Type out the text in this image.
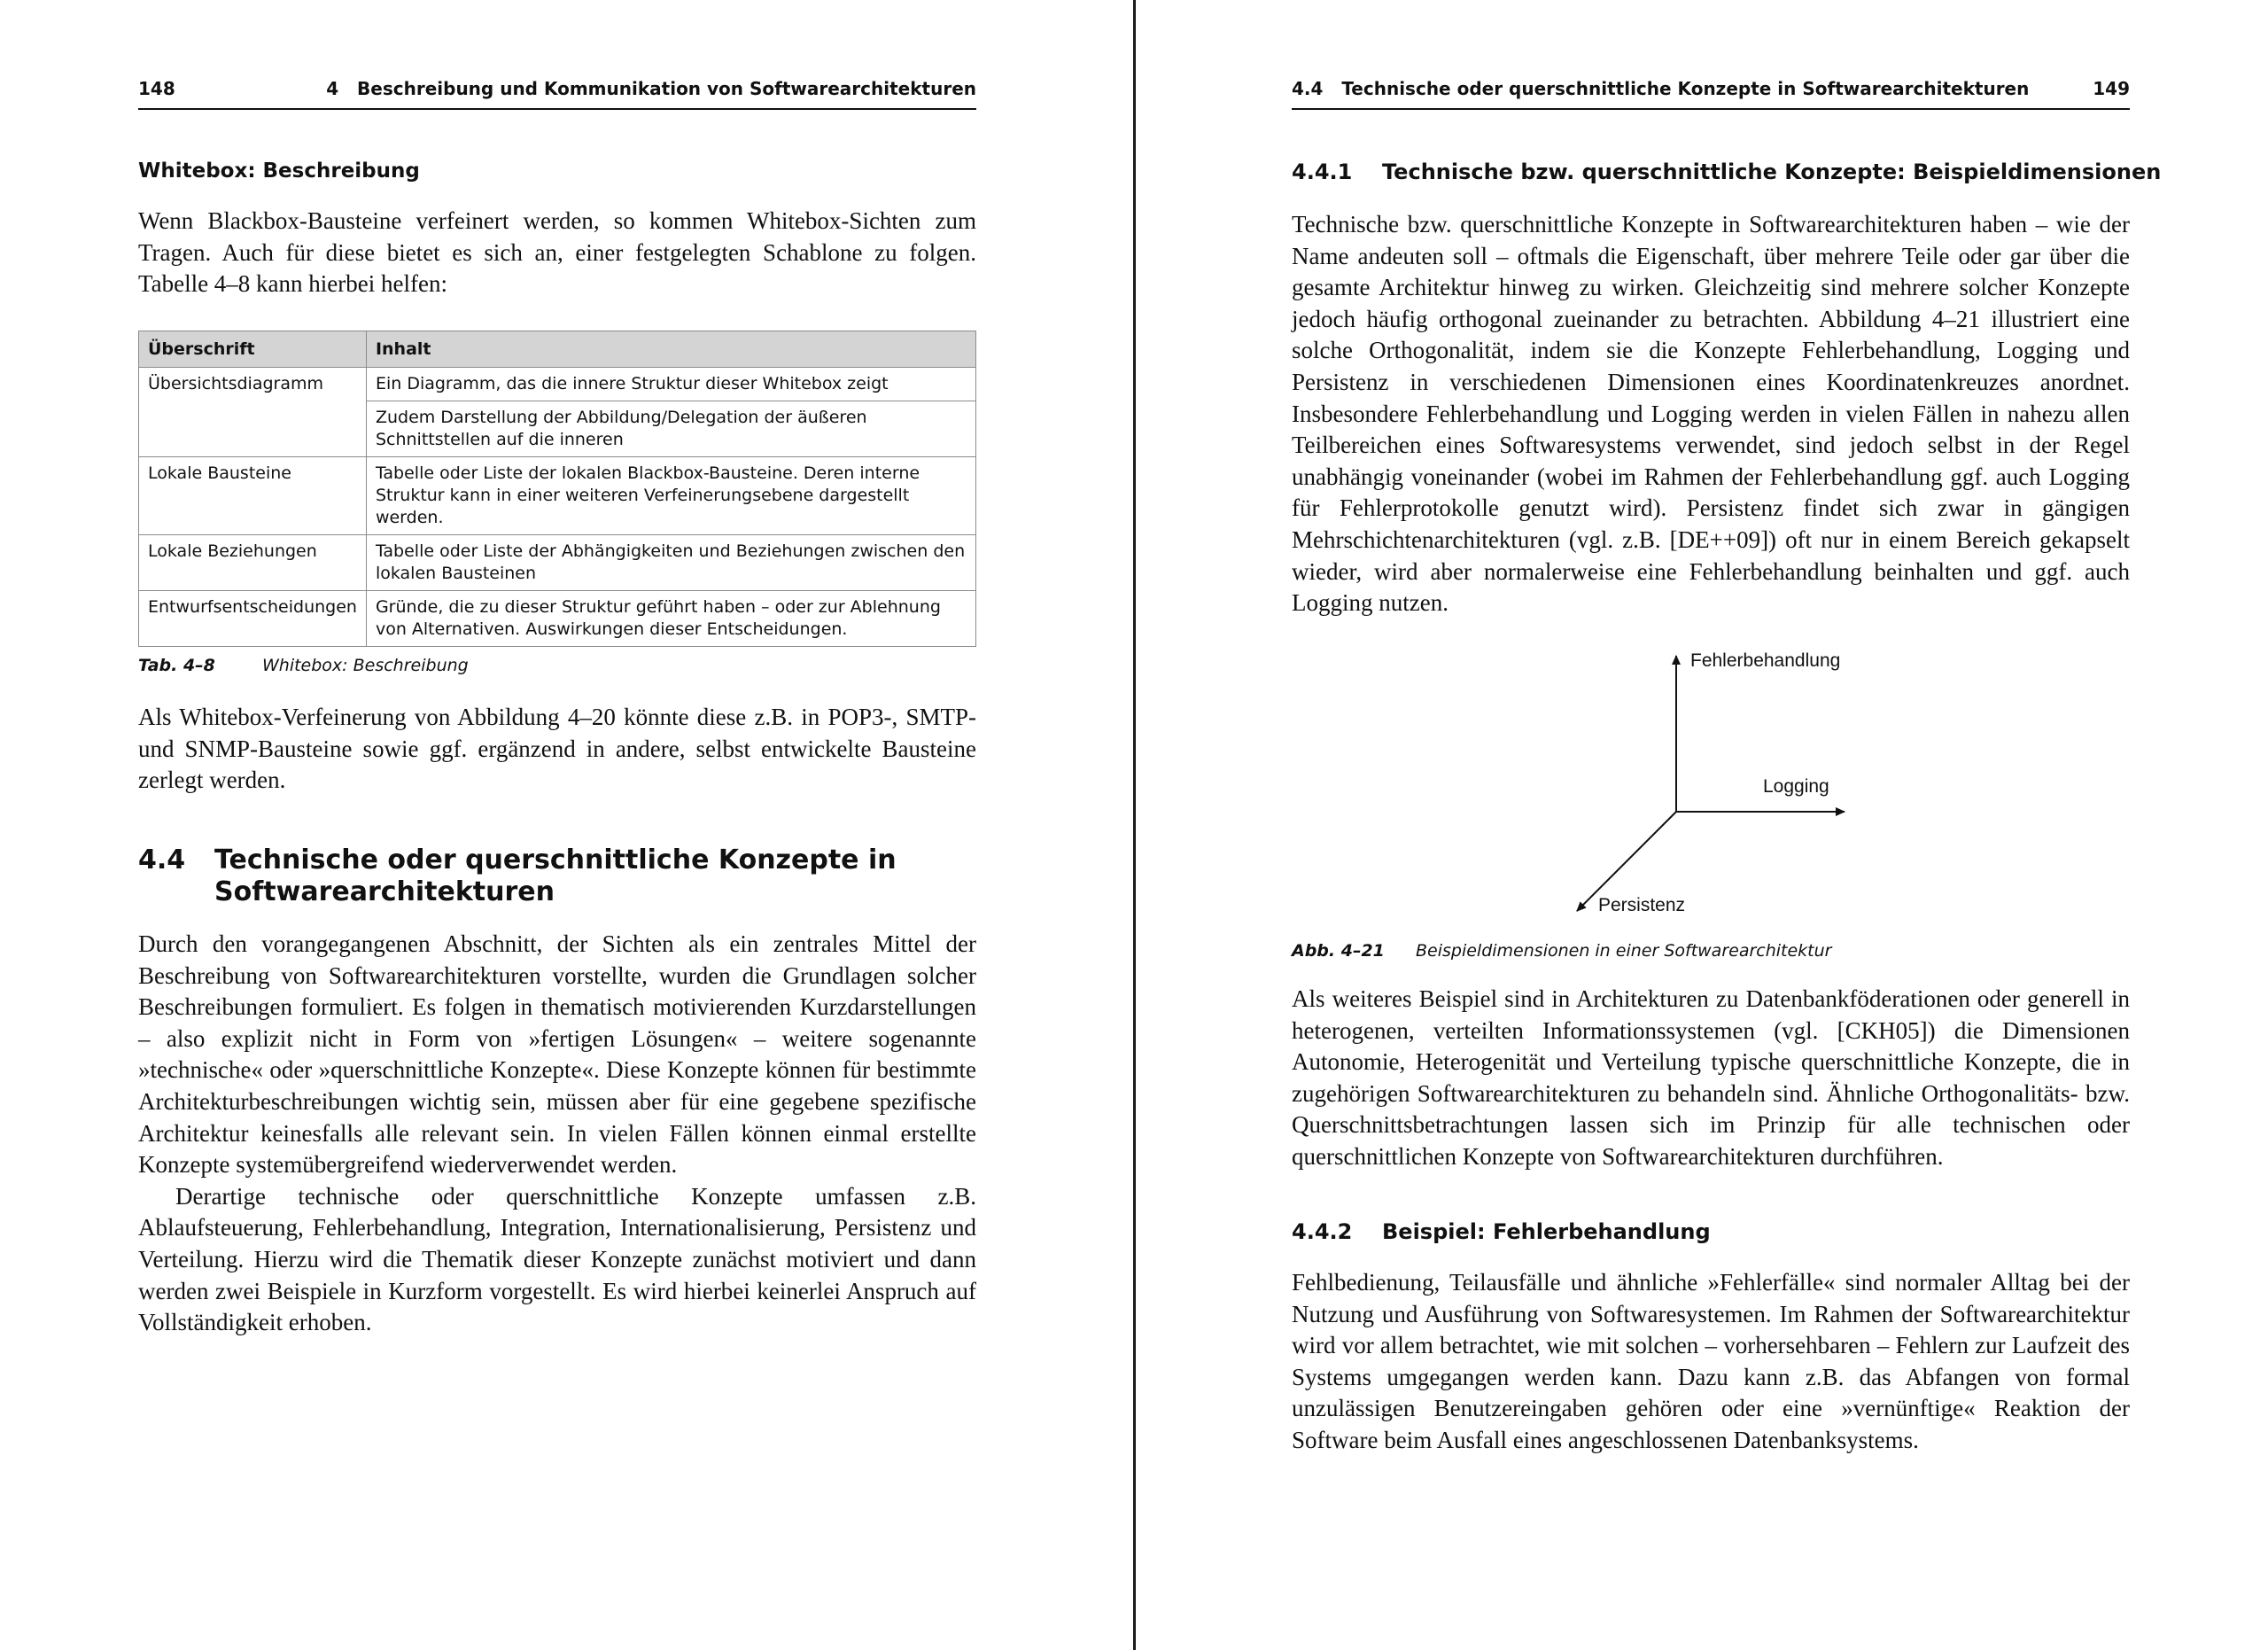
148	4   Beschreibung und Kommunikation von Softwarearchitekturen
Whitebox: Beschreibung

Wenn Blackbox-Bausteine verfeinert werden, so kommen Whitebox-Sichten zum Tragen. Auch für diese bietet es sich an, einer festgelegten Schablone zu folgen. Tabelle 4–8 kann hierbei helfen:

Überschrift	Inhalt
Übersichtsdiagramm	Ein Diagramm, das die innere Struktur dieser Whitebox zeigt
	Zudem Darstellung der Abbildung/Delegation der äußeren Schnittstellen auf die inneren
Lokale Bausteine	Tabelle oder Liste der lokalen Blackbox-Bausteine. Deren interne Struktur kann in einer weiteren Verfeinerungsebene dargestellt werden.
Lokale Beziehungen	Tabelle oder Liste der Abhängigkeiten und Beziehungen zwischen den lokalen Bausteinen
Entwurfsentscheidungen	Gründe, die zu dieser Struktur geführt haben – oder zur Ablehnung von Alternativen. Auswirkungen dieser Entscheidungen.
Tab. 4–8	Whitebox: Beschreibung

Als Whitebox-Verfeinerung von Abbildung 4–20 könnte diese z.B. in POP3-, SMTP- und SNMP-Bausteine sowie ggf. ergänzend in andere, selbst entwickelte Bausteine zerlegt werden.

4.4 Technische oder querschnittliche Konzepte in Softwarearchitekturen

Durch den vorangegangenen Abschnitt, der Sichten als ein zentrales Mittel der Beschreibung von Softwarearchitekturen vorstellte, wurden die Grundlagen solcher Beschreibungen formuliert. Es folgen in thematisch motivierenden Kurzdarstellungen – also explizit nicht in Form von »fertigen Lösungen« – weitere sogenannte »technische« oder »querschnittliche Konzepte«. Diese Konzepte können für bestimmte Architekturbeschreibungen wichtig sein, müssen aber für eine gegebene spezifische Architektur keinesfalls alle relevant sein. In vielen Fällen können einmal erstellte Konzepte systemübergreifend wiederverwendet werden.

Derartige technische oder querschnittliche Konzepte umfassen z.B. Ablaufsteuerung, Fehlerbehandlung, Integration, Internationalisierung, Persistenz und Verteilung. Hierzu wird die Thematik dieser Konzepte zunächst motiviert und dann werden zwei Beispiele in Kurzform vorgestellt. Es wird hierbei keinerlei Anspruch auf Vollständigkeit erhoben.

4.4   Technische oder querschnittliche Konzepte in Softwarearchitekturen	149
4.4.1 Technische bzw. querschnittliche Konzepte: Beispieldimensionen

Technische bzw. querschnittliche Konzepte in Softwarearchitekturen haben – wie der Name andeuten soll – oftmals die Eigenschaft, über mehrere Teile oder gar über die gesamte Architektur hinweg zu wirken. Gleichzeitig sind mehrere solcher Konzepte jedoch häufig orthogonal zueinander zu betrachten. Abbildung 4–21 illustriert eine solche Orthogonalität, indem sie die Konzepte Fehlerbehandlung, Logging und Persistenz in verschiedenen Dimensionen eines Koordinatenkreuzes anordnet. Insbesondere Fehlerbehandlung und Logging werden in vielen Fällen in nahezu allen Teilbereichen eines Softwaresystems verwendet, sind jedoch selbst in der Regel unabhängig voneinander (wobei im Rahmen der Fehlerbehandlung ggf. auch Logging für Fehlerprotokolle genutzt wird). Persistenz findet sich zwar in gängigen Mehrschichtenarchitekturen (vgl. z.B. [DE++09]) oft nur in einem Bereich gekapselt wieder, wird aber normalerweise eine Fehlerbehandlung beinhalten und ggf. auch Logging nutzen.

Fehlerbehandlung
Logging
Persistenz
Abb. 4–21 Beispieldimensionen in einer Softwarearchitektur

Als weiteres Beispiel sind in Architekturen zu Datenbankföderationen oder generell in heterogenen, verteilten Informationssystemen (vgl. [CKH05]) die Dimensionen Autonomie, Heterogenität und Verteilung typische querschnittliche Konzepte, die in zugehörigen Softwarearchitekturen zu behandeln sind. Ähnliche Orthogonalitäts- bzw. Querschnittsbetrachtungen lassen sich im Prinzip für alle technischen oder querschnittlichen Konzepte von Softwarearchitekturen durchführen.

4.4.2 Beispiel: Fehlerbehandlung

Fehlbedienung, Teilausfälle und ähnliche »Fehlerfälle« sind normaler Alltag bei der Nutzung und Ausführung von Softwaresystemen. Im Rahmen der Softwarearchitektur wird vor allem betrachtet, wie mit solchen – vorhersehbaren – Fehlern zur Laufzeit des Systems umgegangen werden kann. Dazu kann z.B. das Abfangen von formal unzulässigen Benutzereingaben gehören oder eine »vernünftige« Reaktion der Software beim Ausfall eines angeschlossenen Datenbanksystems.
